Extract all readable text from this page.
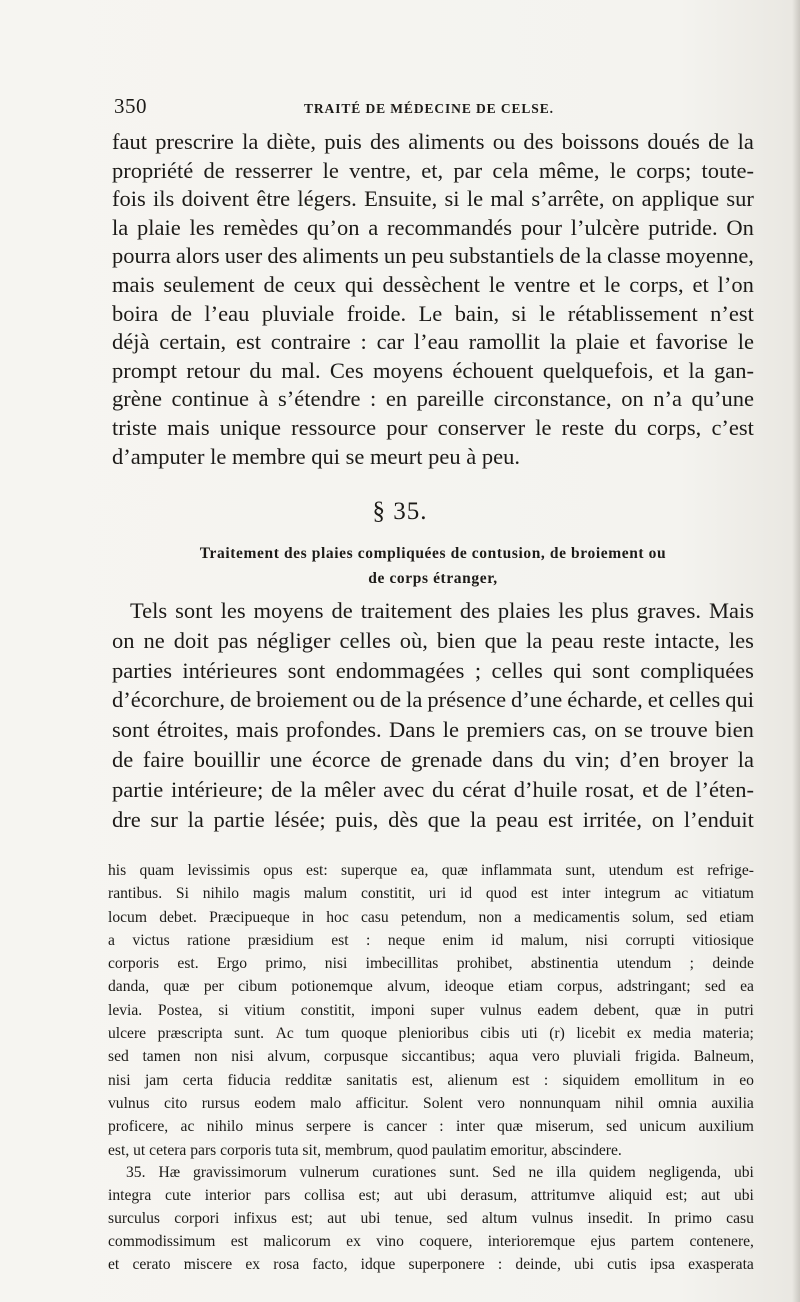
350	TRAITÉ DE MÉDECINE DE CELSE.
faut prescrire la diète, puis des aliments ou des boissons doués de la
propriété de resserrer le ventre, et, par cela même, le corps; toute-
fois ils doivent être légers. Ensuite, si le mal s’arrête, on applique sur
la plaie les remèdes qu’on a recommandés pour l’ulcère putride. On
pourra alors user des aliments un peu substantiels de la classe moyenne,
mais seulement de ceux qui dessèchent le ventre et le corps, et l’on
boira de l’eau pluviale froide. Le bain, si le rétablissement n’est
déjà certain, est contraire : car l’eau ramollit la plaie et favorise le
prompt retour du mal. Ces moyens échouent quelquefois, et la gan-
grène continue à s’étendre : en pareille circonstance, on n’a qu’une
triste mais unique ressource pour conserver le reste du corps, c’est
d’amputer le membre qui se meurt peu à peu.
§ 35.
Traitement des plaies compliquées de contusion, de broiement ou
de corps étranger,
Tels sont les moyens de traitement des plaies les plus graves. Mais
on ne doit pas négliger celles où, bien que la peau reste intacte, les
parties intérieures sont endommagées ; celles qui sont compliquées
d’écorchure, de broiement ou de la présence d’une écharde, et celles qui
sont étroites, mais profondes. Dans le premiers cas, on se trouve bien
de faire bouillir une écorce de grenade dans du vin; d’en broyer la
partie intérieure; de la mêler avec du cérat d’huile rosat, et de l’éten-
dre sur la partie lésée; puis, dès que la peau est irritée, on l’enduit
his quam levissimis opus est: superque ea, quæ inflammata sunt, utendum est refrige-
rantibus. Si nihilo magis malum constitit, uri id quod est inter integrum ac vitiatum
locum debet. Præcipueque in hoc casu petendum, non a medicamentis solum, sed etiam
a victus ratione præsidium est : neque enim id malum, nisi corrupti vitiosique
corporis est. Ergo primo, nisi imbecillitas prohibet, abstinentia utendum ; deinde
danda, quæ per cibum potionemque alvum, ideoque etiam corpus, adstringant; sed ea
levia. Postea, si vitium constitit, imponi super vulnus eadem debent, quæ in putri
ulcere præscripta sunt. Ac tum quoque plenioribus cibis uti (r) licebit ex media materia;
sed tamen non nisi alvum, corpusque siccantibus; aqua vero pluviali frigida. Balneum,
nisi jam certa fiducia redditæ sanitatis est, alienum est : siquidem emollitum in eo
vulnus cito rursus eodem malo afficitur. Solent vero nonnunquam nihil omnia auxilia
proficere, ac nihilo minus serpere is cancer : inter quæ miserum, sed unicum auxilium
est, ut cetera pars corporis tuta sit, membrum, quod paulatim emoritur, abscindere.
35. Hæ gravissimorum vulnerum curationes sunt. Sed ne illa quidem negligenda, ubi
integra cute interior pars collisa est; aut ubi derasum, attritumve aliquid est; aut ubi
surculus corpori infixus est; aut ubi tenue, sed altum vulnus insedit. In primo casu
commodissimum est malicorum ex vino coquere, interioremque ejus partem contenere,
et cerato miscere ex rosa facto, idque superponere : deinde, ubi cutis ipsa exasperata
